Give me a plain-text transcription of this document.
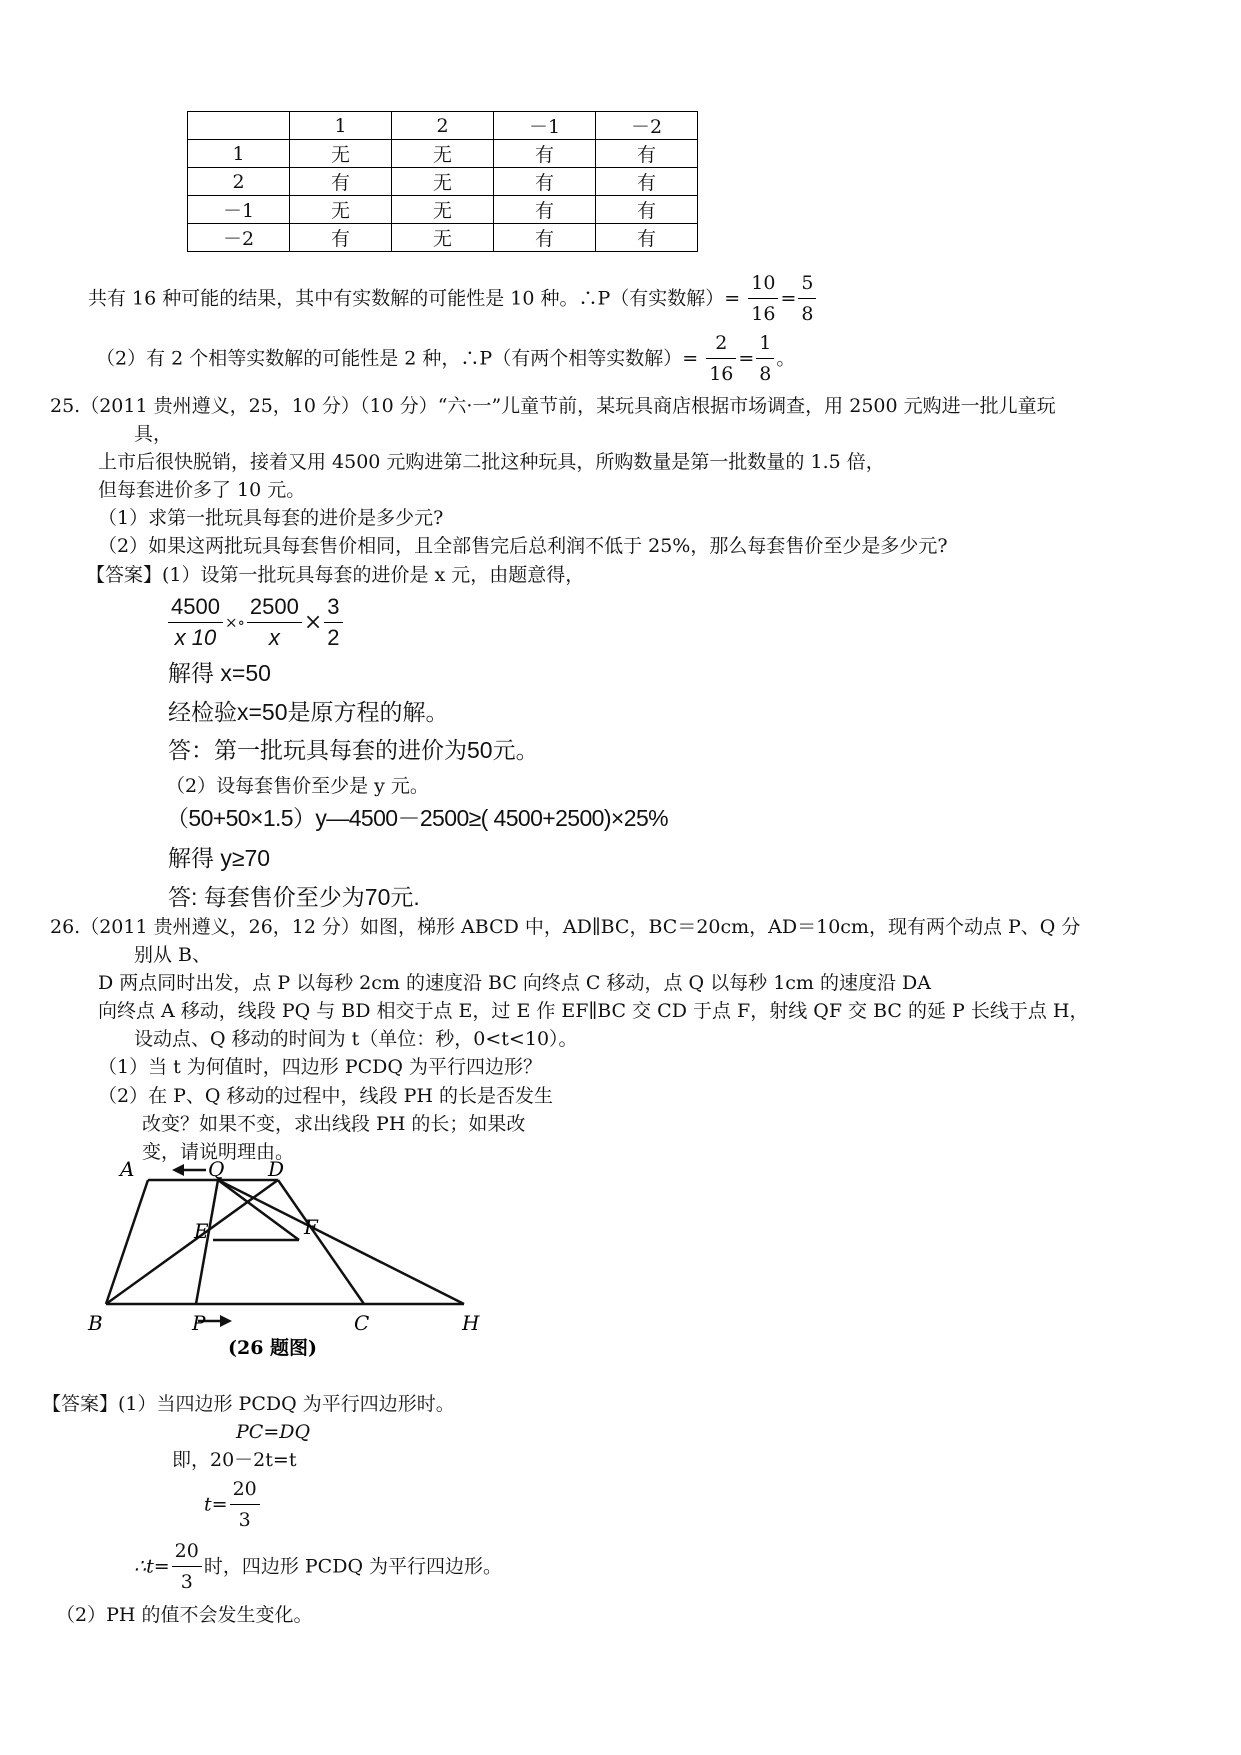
	1	2	－1	－2
1	无	无	有	有
2	有	无	有	有
－1	无	无	有	有
－2	有	无	有	有
共有 16 种可能的结果，其中有实数解的可能性是 10 种。∴P（有实数解）= $\frac{10}{16} = \frac{5}{8}$
（2）有 2 个相等实数解的可能性是 2 种，∴P（有两个相等实数解）= $\frac{2}{16} = \frac{1}{8}$ 。
25.（2011 贵州遵义，25，10 分）（10 分）“六·一”儿童节前，某玩具商店根据市场调查，用 2500 元购进一批儿童玩
具，
上市后很快脱销，接着又用 4500 元购进第二批这种玩具，所购数量是第一批数量的 1.5 倍，
但每套进价多了 10 元。
（1）求第一批玩具每套的进价是多少元?
（2）如果这两批玩具每套售价相同，且全部售完后总利润不低于 25%，那么每套售价至少是多少元?
【答案】(1）设第一批玩具每套的进价是 x 元，由题意得，
$\frac{4500}{x 10}$ ×∘ $\frac{2500}{x} \times \frac{3}{2}$
解得 x=50
经检验x=50是原方程的解。
答：第一批玩具每套的进价为50元。
（2）设每套售价至少是 y 元。
（50+50×1.5）y—4500－2500≥( 4500+2500)×25%
解得 y≥70
答: 每套售价至少为70元.
26.（2011 贵州遵义，26，12 分）如图，梯形 ABCD 中，AD∥BC，BC＝20cm，AD＝10cm，现有两个动点 P、Q 分
别从 B、
D 两点同时出发，点 P 以每秒 2cm 的速度沿 BC 向终点 C 移动，点 Q 以每秒 1cm 的速度沿 DA
向终点 A 移动，线段 PQ 与 BD 相交于点 E，过 E 作 EF∥BC 交 CD 于点 F，射线 QF 交 BC 的延 P 长线于点 H，
设动点、Q 移动的时间为 t（单位：秒，0<t<10）。
（1）当 t 为何值时，四边形 PCDQ 为平行四边形？
（2）在 P、Q 移动的过程中，线段 PH 的长是否发生
改变？如果不变，求出线段 PH 的长；如果改
变，请说明理由。
A	Q D
E	F
B	P	C	H
(26 题图)
【答案】(1）当四边形 PCDQ 为平行四边形时。
PC=DQ
即，20－2t=t
$t= \frac{20}{3}$
∴t= $\frac{20}{3}$ 时，四边形 PCDQ 为平行四边形。
（2）PH 的值不会发生变化。
